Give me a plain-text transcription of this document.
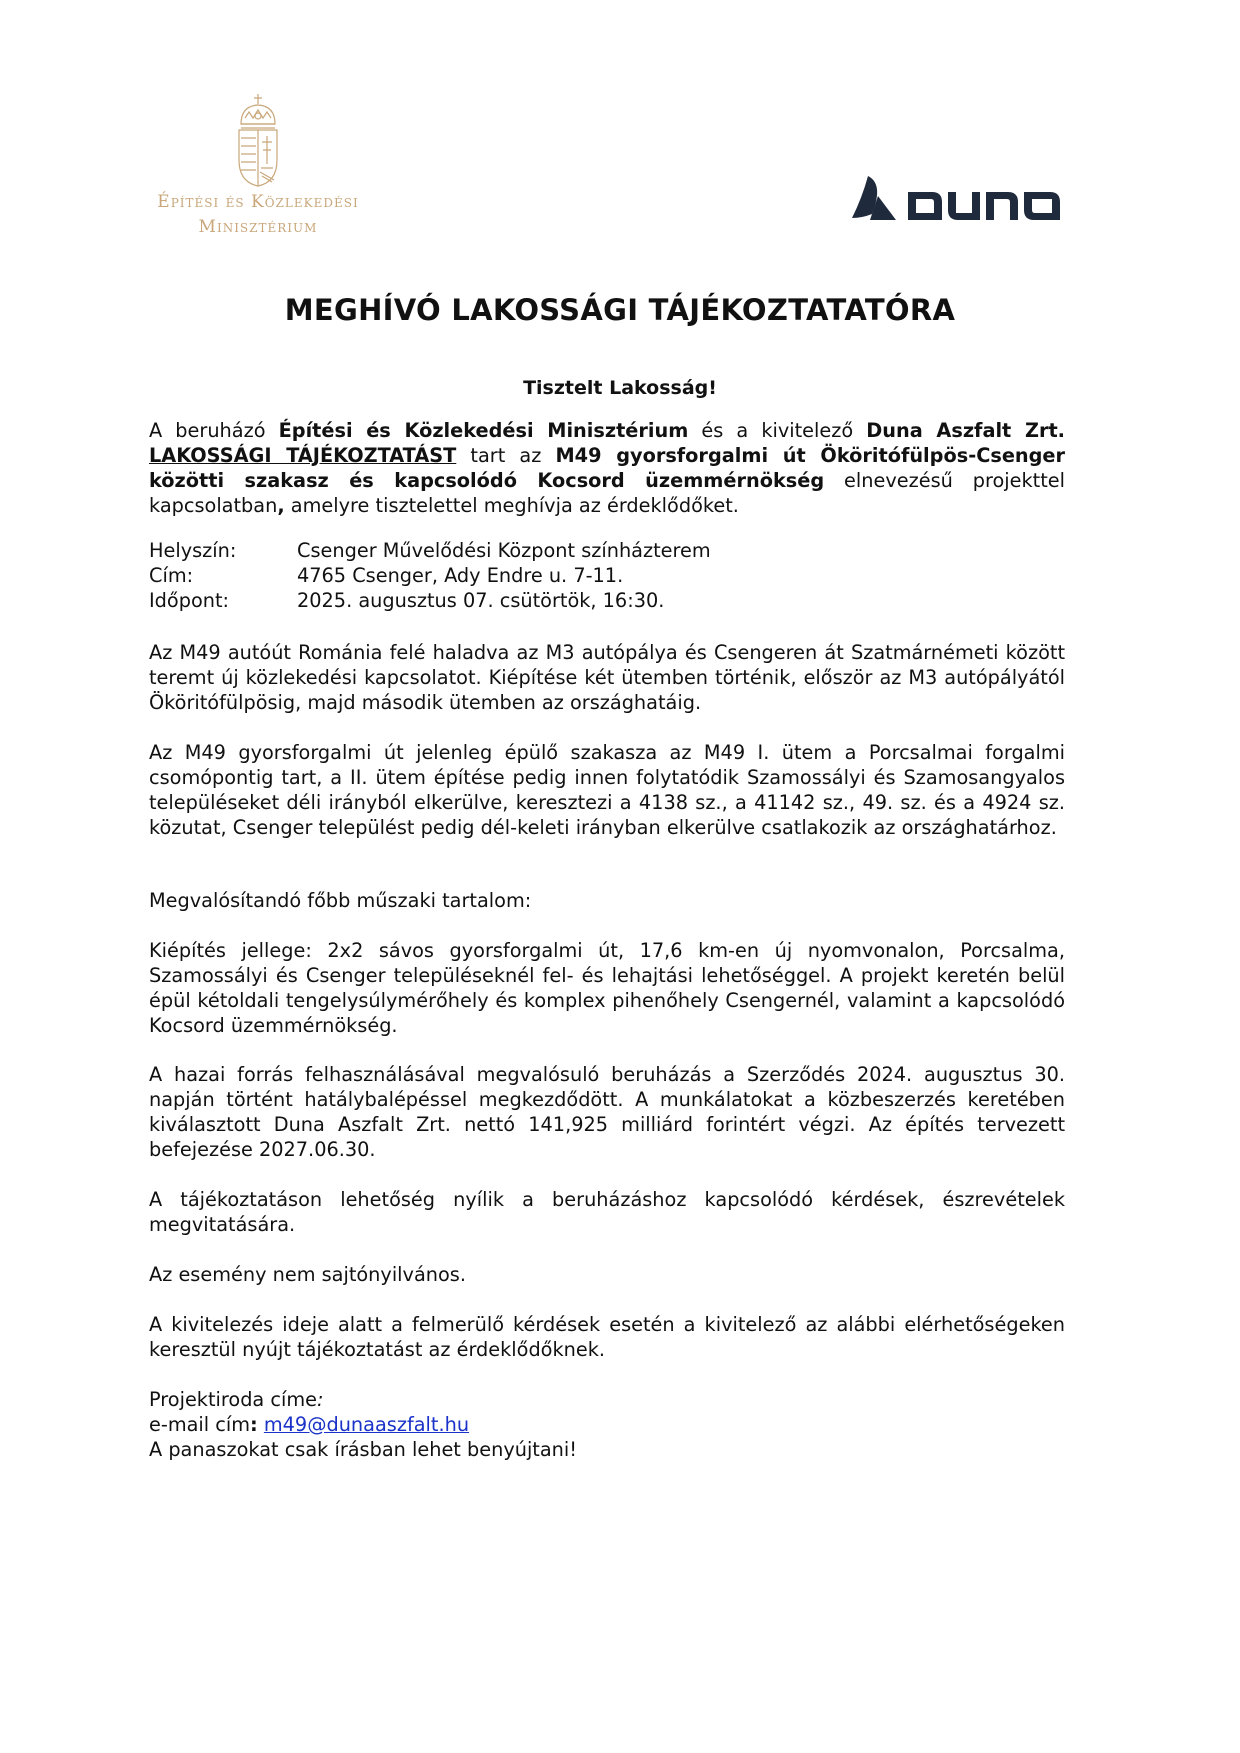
Építési és Közlekedési
Minisztérium
MEGHÍVÓ LAKOSSÁGI TÁJÉKOZTATATÓRA
Tisztelt Lakosság!

A beruházó Építési és Közlekedési Minisztérium és a kivitelező Duna Aszfalt Zrt. LAKOSSÁGI TÁJÉKOZTATÁST tart az M49 gyorsforgalmi út Ököritófülpös-Csenger közötti szakasz és kapcsolódó Kocsord üzemmérnökség elnevezésű projekttel kapcsolatban, amelyre tisztelettel meghívja az érdeklődőket.

Helyszín:	Csenger Művelődési Központ színházterem
Cím:	4765 Csenger, Ady Endre u. 7-11.
Időpont:	2025. augusztus 07. csütörtök, 16:30.

Az M49 autóút Románia felé haladva az M3 autópálya és Csengeren át Szatmárnémeti között teremt új közlekedési kapcsolatot. Kiépítése két ütemben történik, először az M3 autópályától Ököritófülpösig, majd második ütemben az országhatáig.

Az M49 gyorsforgalmi út jelenleg épülő szakasza az M49 I. ütem a Porcsalmai forgalmi csomópontig tart, a II. ütem építése pedig innen folytatódik Szamossályi és Szamosangyalos településeket déli irányból elkerülve, keresztezi a 4138 sz., a 41142 sz., 49. sz. és a 4924 sz. közutat, Csenger települést pedig dél-keleti irányban elkerülve csatlakozik az országhatárhoz.

Megvalósítandó főbb műszaki tartalom:

Kiépítés jellege: 2x2 sávos gyorsforgalmi út, 17,6 km-en új nyomvonalon, Porcsalma, Szamossályi és Csenger településeknél fel- és lehajtási lehetőséggel. A projekt keretén belül épül kétoldali tengelysúlymérőhely és komplex pihenőhely Csengernél, valamint a kapcsolódó Kocsord üzemmérnökség.

A hazai forrás felhasználásával megvalósuló beruházás a Szerződés 2024. augusztus 30. napján történt hatálybalépéssel megkezdődött. A munkálatokat a közbeszerzés keretében kiválasztott Duna Aszfalt Zrt. nettó 141,925 milliárd forintért végzi. Az építés tervezett befejezése 2027.06.30.

A tájékoztatáson lehetőség nyílik a beruházáshoz kapcsolódó kérdések, észrevételek megvitatására.

Az esemény nem sajtónyilvános.

A kivitelezés ideje alatt a felmerülő kérdések esetén a kivitelező az alábbi elérhetőségeken keresztül nyújt tájékoztatást az érdeklődőknek.

Projektiroda címe:

e-mail cím: m49@dunaaszfalt.hu

A panaszokat csak írásban lehet benyújtani!
